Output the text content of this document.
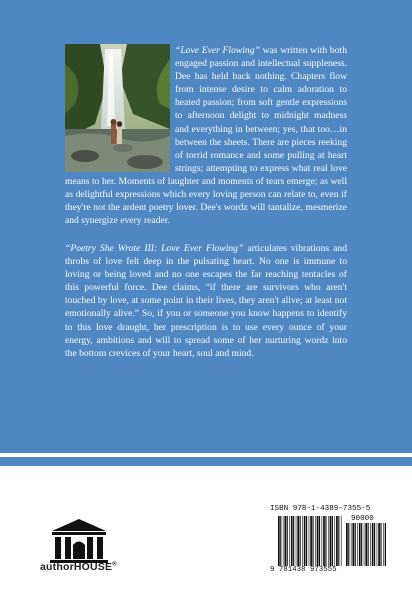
“Love Ever Flowing” was written with both engaged passion and intellectual suppleness. Dee has held back nothing. Chapters flow from intense desire to calm adoration to heated passion; from soft gentle expressions to afternoon delight to midnight madness and everything in between; yes, that too…in between the sheets. There are pieces reeking of torrid romance and some pulling at heart strings; attempting to express what real love means to her. Moments of laughter and moments of tears emerge; as well as delightful expressions which every loving person can relate to, even if they're not the ardent poetry lover. Dee's wordz will tantalize, mesmerize and synergize every reader.

“Poetry She Wrote III: Love Ever Flowing” articulates vibrations and throbs of love felt deep in the pulsating heart. No one is immune to loving or being loved and no one escapes the far reaching tentacles of this powerful force. Dee claims, “if there are survivors who aren't touched by love, at some point in their lives, they aren't alive; at least not emotionally alive.” So, if you or someone you know happens to identify to this love draught, her prescription is to use every ounce of your energy, ambitions and will to spread some of her nurturing wordz into the bottom crevices of your heart, soul and mind.

authorHOUSE®
ISBN 978-1-4389-7355-5
90000
9 781438 973555
